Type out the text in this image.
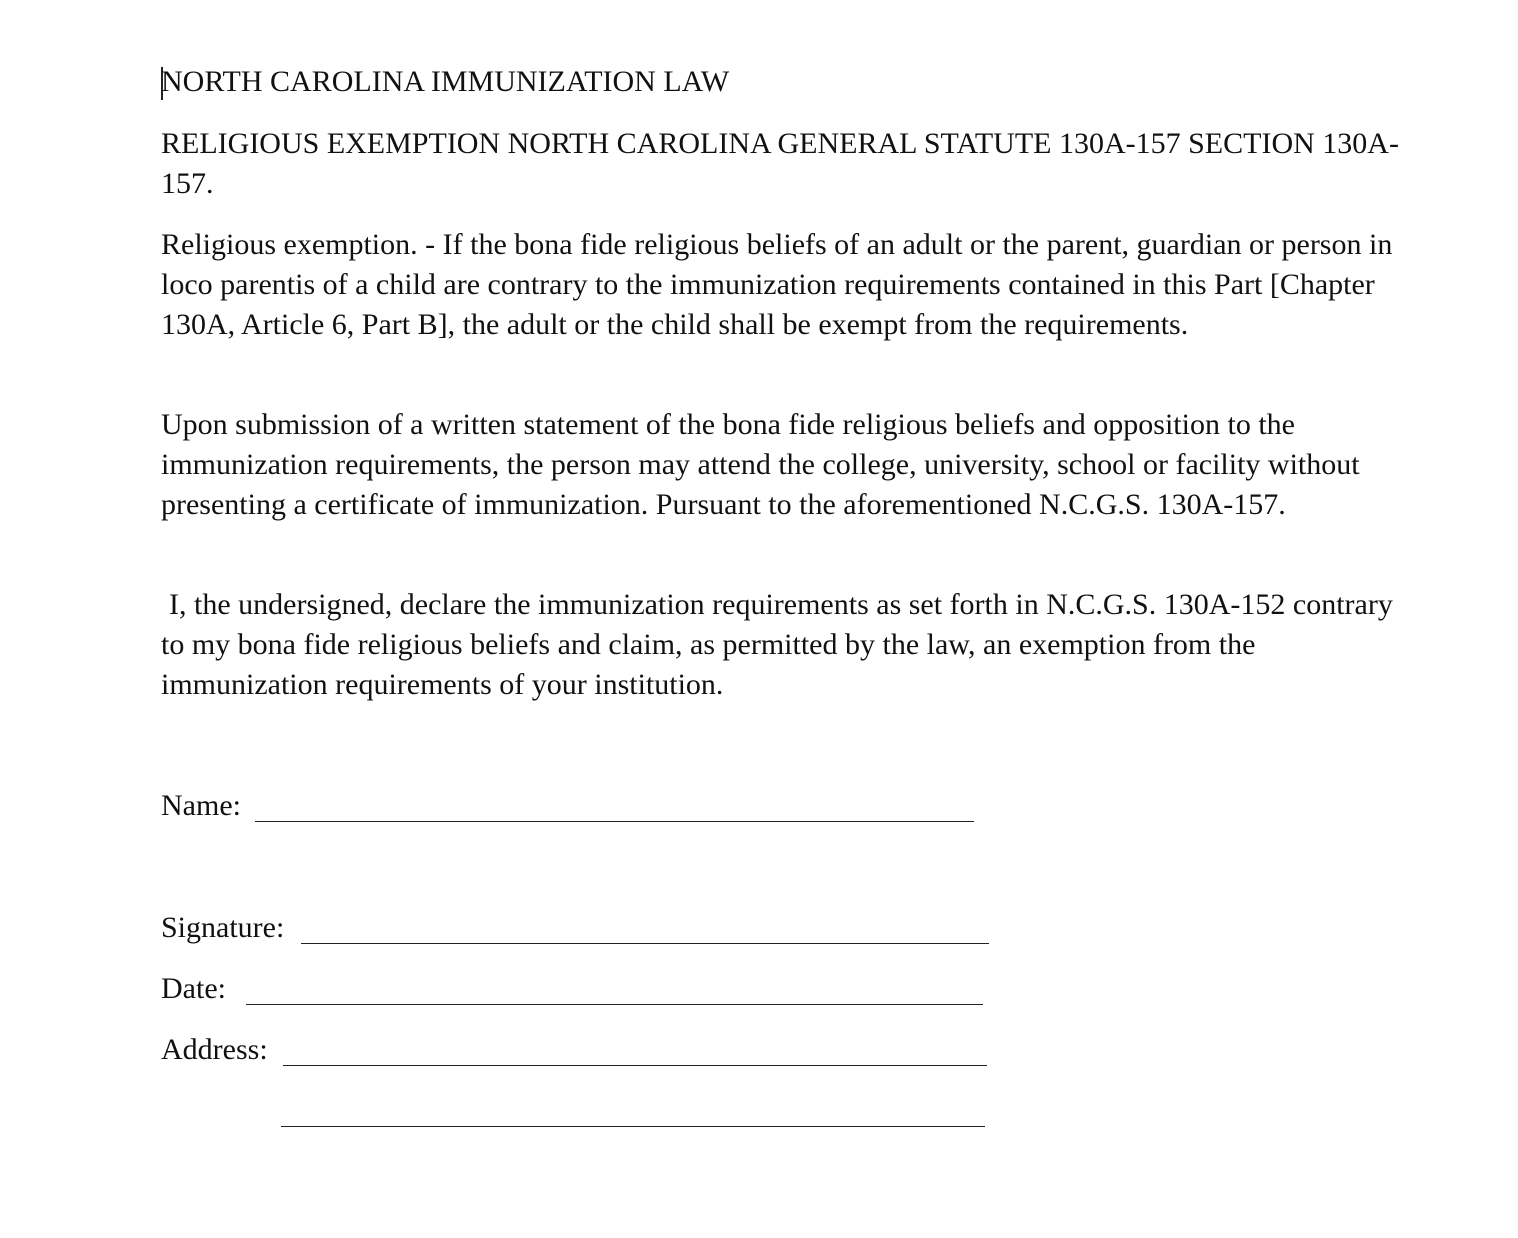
NORTH CAROLINA IMMUNIZATION LAW

RELIGIOUS EXEMPTION NORTH CAROLINA GENERAL STATUTE 130A-157 SECTION 130A-157.

Religious exemption. - If the bona fide religious beliefs of an adult or the parent, guardian or person in loco parentis of a child are contrary to the immunization requirements contained in this Part [Chapter 130A, Article 6, Part B], the adult or the child shall be exempt from the requirements.

Upon submission of a written statement of the bona fide religious beliefs and opposition to the immunization requirements, the person may attend the college, university, school or facility without presenting a certificate of immunization. Pursuant to the aforementioned N.C.G.S. 130A-157.

I, the undersigned, declare the immunization requirements as set forth in N.C.G.S. 130A-152 contrary to my bona fide religious beliefs and claim, as permitted by the law, an exemption from the immunization requirements of your institution.

Name:
Signature:
Date:
Address:
